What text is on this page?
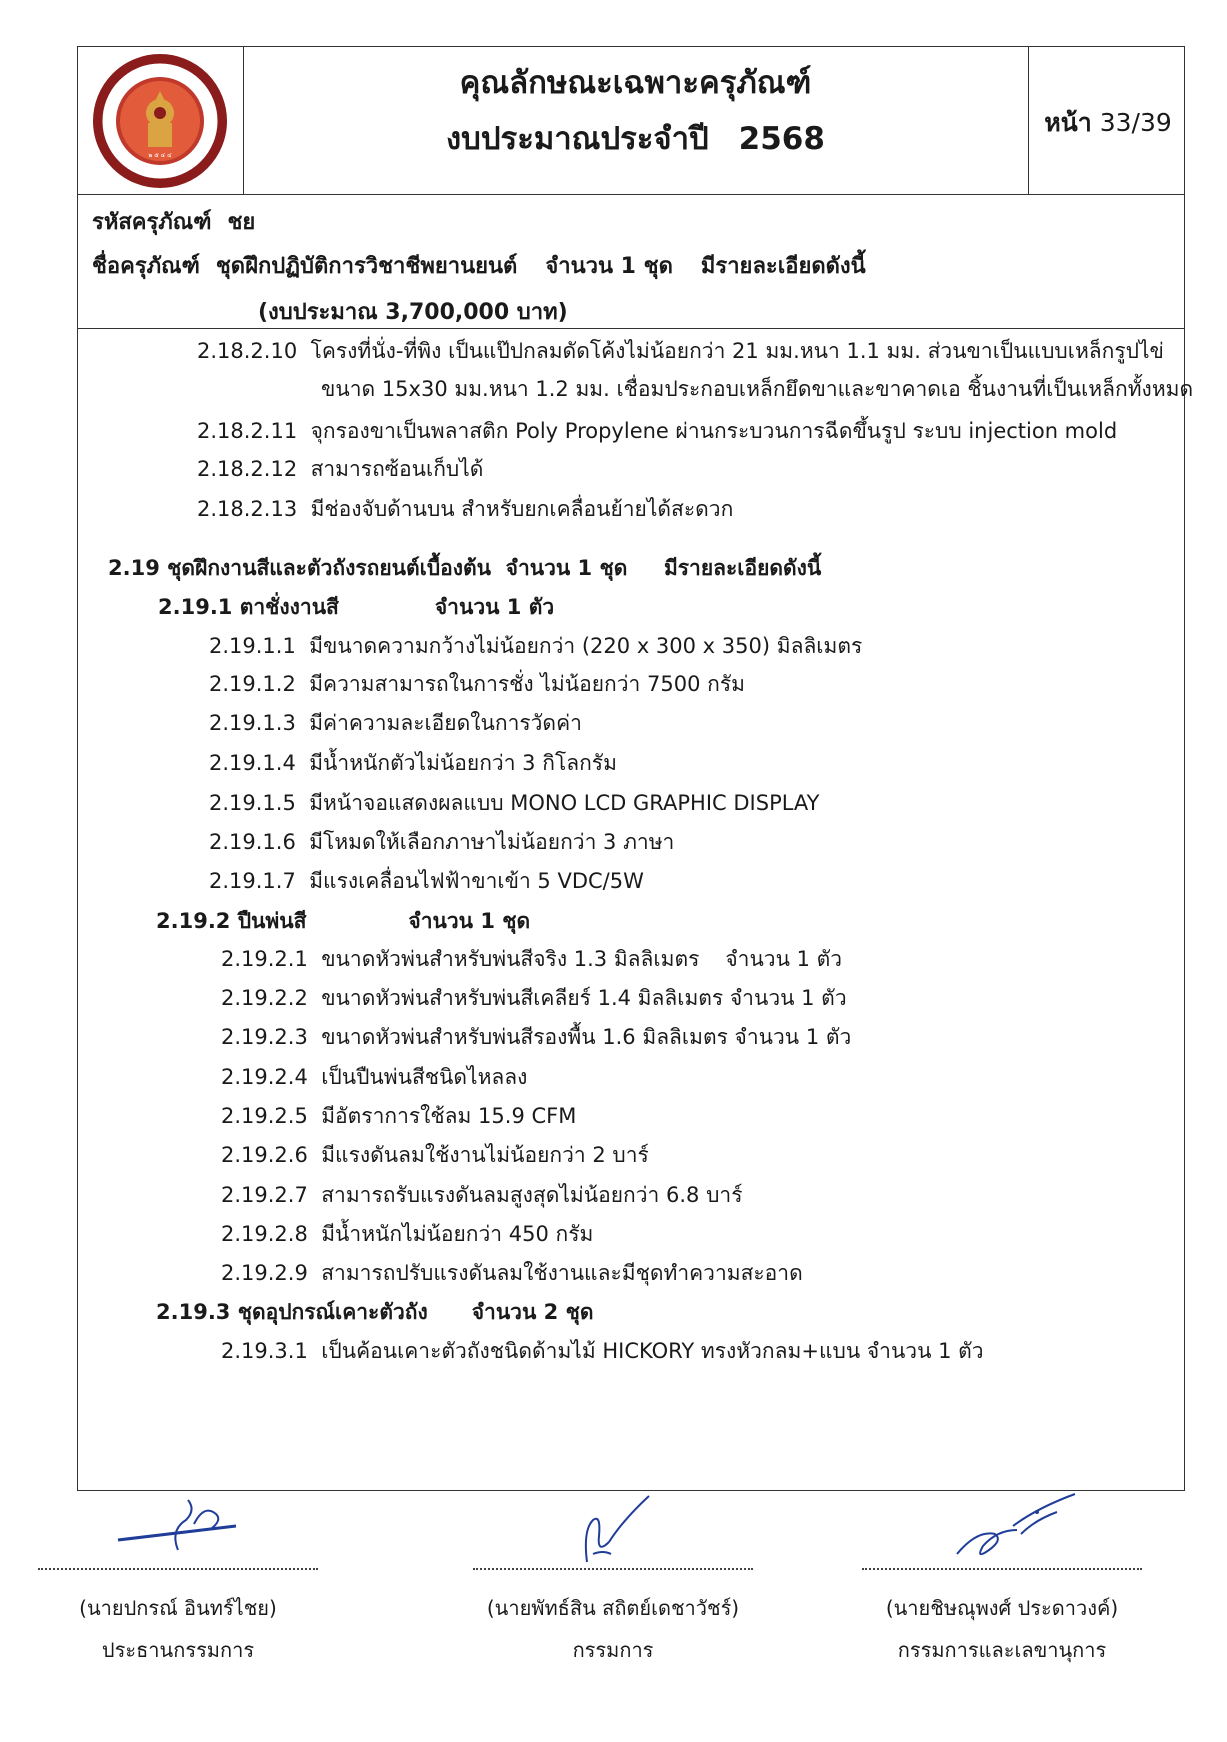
๒ ๕ ๔ ๔
คุณลักษณะเฉพาะครุภัณฑ์
งบประมาณประจำปี 2568	หน้า 33/39
รหัสครุภัณฑ์ ชย
ชื่อครุภัณฑ์ ชุดฝึกปฏิบัติการวิชาชีพยานยนต์ จำนวน 1 ชุด มีรายละเอียดดังนี้
(งบประมาณ 3,700,000 บาท)
2.18.2.10 โครงที่นั่ง-ที่พิง เป็นแป๊ปกลมดัดโค้งไม่น้อยกว่า 21 มม.หนา 1.1 มม. ส่วนขาเป็นแบบเหล็กรูปไข่
ขนาด 15x30 มม.หนา 1.2 มม. เชื่อมประกอบเหล็กยึดขาและขาคาดเอ ชิ้นงานที่เป็นเหล็กทั้งหมด
2.18.2.11 จุกรองขาเป็นพลาสติก Poly Propylene ผ่านกระบวนการฉีดขึ้นรูป ระบบ injection mold
2.18.2.12 สามารถซ้อนเก็บได้
2.18.2.13 มีช่องจับด้านบน สำหรับยกเคลื่อนย้ายได้สะดวก
2.19 ชุดฝึกงานสีและตัวถังรถยนต์เบื้องต้น จำนวน 1 ชุด มีรายละเอียดดังนี้
2.19.1 ตาชั่งงานสี	จำนวน 1 ตัว
2.19.1.1 มีขนาดความกว้างไม่น้อยกว่า (220 x 300 x 350) มิลลิเมตร
2.19.1.2 มีความสามารถในการชั่ง ไม่น้อยกว่า 7500 กรัม
2.19.1.3 มีค่าความละเอียดในการวัดค่า
2.19.1.4 มีน้ำหนักตัวไม่น้อยกว่า 3 กิโลกรัม
2.19.1.5 มีหน้าจอแสดงผลแบบ MONO LCD GRAPHIC DISPLAY
2.19.1.6 มีโหมดให้เลือกภาษาไม่น้อยกว่า 3 ภาษา
2.19.1.7 มีแรงเคลื่อนไฟฟ้าขาเข้า 5 VDC/5W
2.19.2 ปืนพ่นสี	จำนวน 1 ชุด
2.19.2.1 ขนาดหัวพ่นสำหรับพ่นสีจริง 1.3 มิลลิเมตร จำนวน 1 ตัว
2.19.2.2 ขนาดหัวพ่นสำหรับพ่นสีเคลียร์ 1.4 มิลลิเมตร จำนวน 1 ตัว
2.19.2.3 ขนาดหัวพ่นสำหรับพ่นสีรองพื้น 1.6 มิลลิเมตร จำนวน 1 ตัว
2.19.2.4 เป็นปืนพ่นสีชนิดไหลลง
2.19.2.5 มีอัตราการใช้ลม 15.9 CFM
2.19.2.6 มีแรงดันลมใช้งานไม่น้อยกว่า 2 บาร์
2.19.2.7 สามารถรับแรงดันลมสูงสุดไม่น้อยกว่า 6.8 บาร์
2.19.2.8 มีน้ำหนักไม่น้อยกว่า 450 กรัม
2.19.2.9 สามารถปรับแรงดันลมใช้งานและมีชุดทำความสะอาด
2.19.3 ชุดอุปกรณ์เคาะตัวถัง จำนวน 2 ชุด
2.19.3.1 เป็นค้อนเคาะตัวถังชนิดด้ามไม้ HICKORY ทรงหัวกลม+แบน จำนวน 1 ตัว
(นายปกรณ์ อินทร์ไชย)
ประธานกรรมการ
(นายพัทธ์สิน สถิตย์เดชาวัชร์)
กรรมการ
(นายชิษณุพงศ์ ประดาวงค์)
กรรมการและเลขานุการ
